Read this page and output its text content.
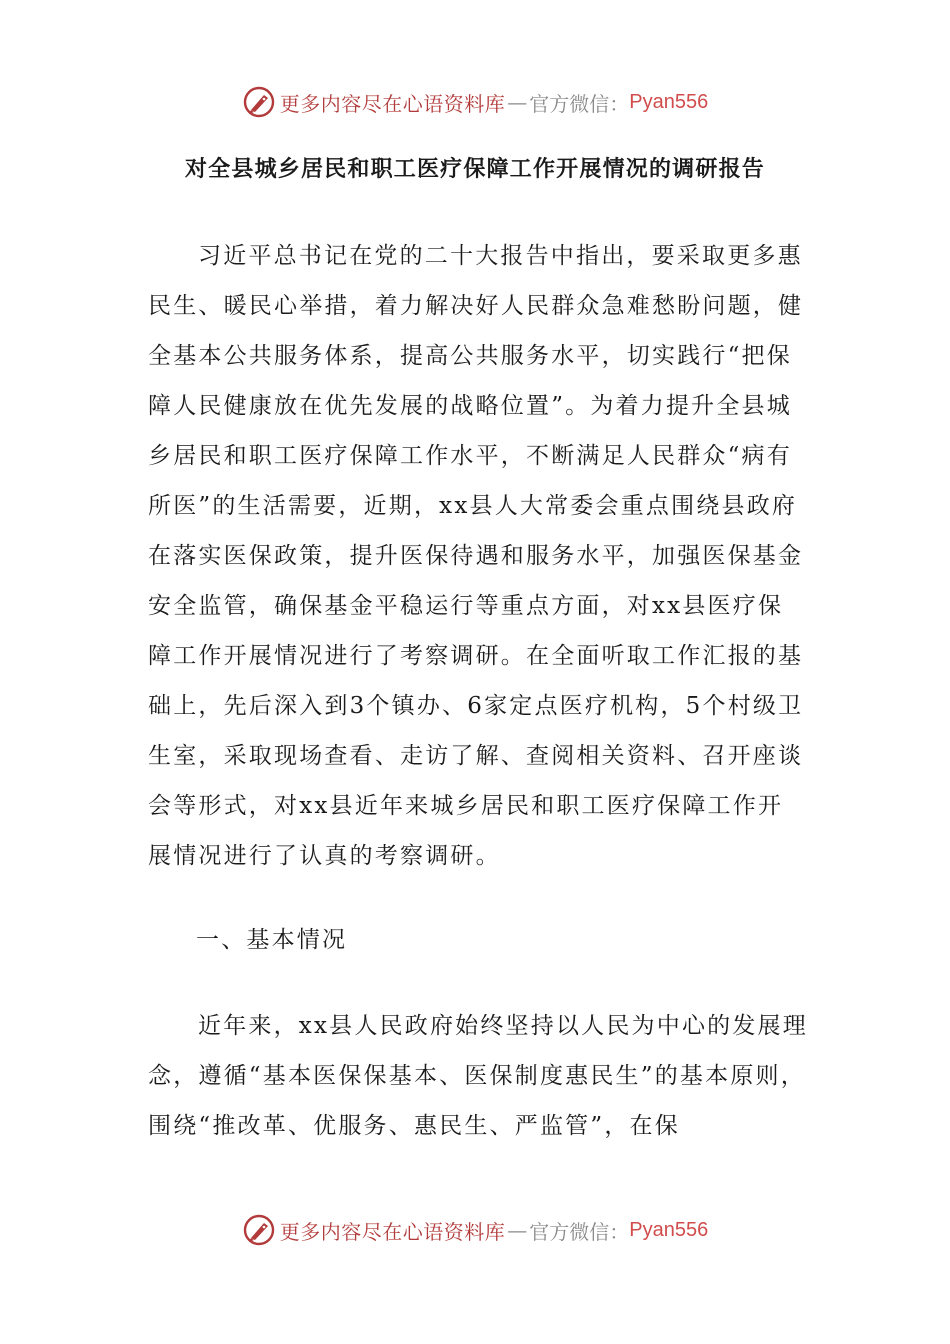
更多内容尽在心语资料库 — 官方微信： Pyan556
对全县城乡居民和职工医疗保障工作开展情况的调研报告
习近平总书记在党的二十大报告中指出，要采取更多惠民生、暖民心举措，着力解决好人民群众急难愁盼问题，健全基本公共服务体系，提高公共服务水平，切实践行“把保障人民健康放在优先发展的战略位置”。为着力提升全县城乡居民和职工医疗保障工作水平，不断满足人民群众“病有所医”的生活需要，近期，xx县人大常委会重点围绕县政府在落实医保政策，提升医保待遇和服务水平，加强医保基金安全监管，确保基金平稳运行等重点方面，对xx县医疗保障工作开展情况进行了考察调研。在全面听取工作汇报的基础上，先后深入到3个镇办、6家定点医疗机构，5个村级卫生室，采取现场查看、走访了解、查阅相关资料、召开座谈会等形式，对xx县近年来城乡居民和职工医疗保障工作开展情况进行了认真的考察调研。
一、基本情况
近年来，xx县人民政府始终坚持以人民为中心的发展理念，遵循“基本医保保基本、医保制度惠民生”的基本原则，围绕“推改革、优服务、惠民生、严监管”，在保
更多内容尽在心语资料库 — 官方微信： Pyan556
